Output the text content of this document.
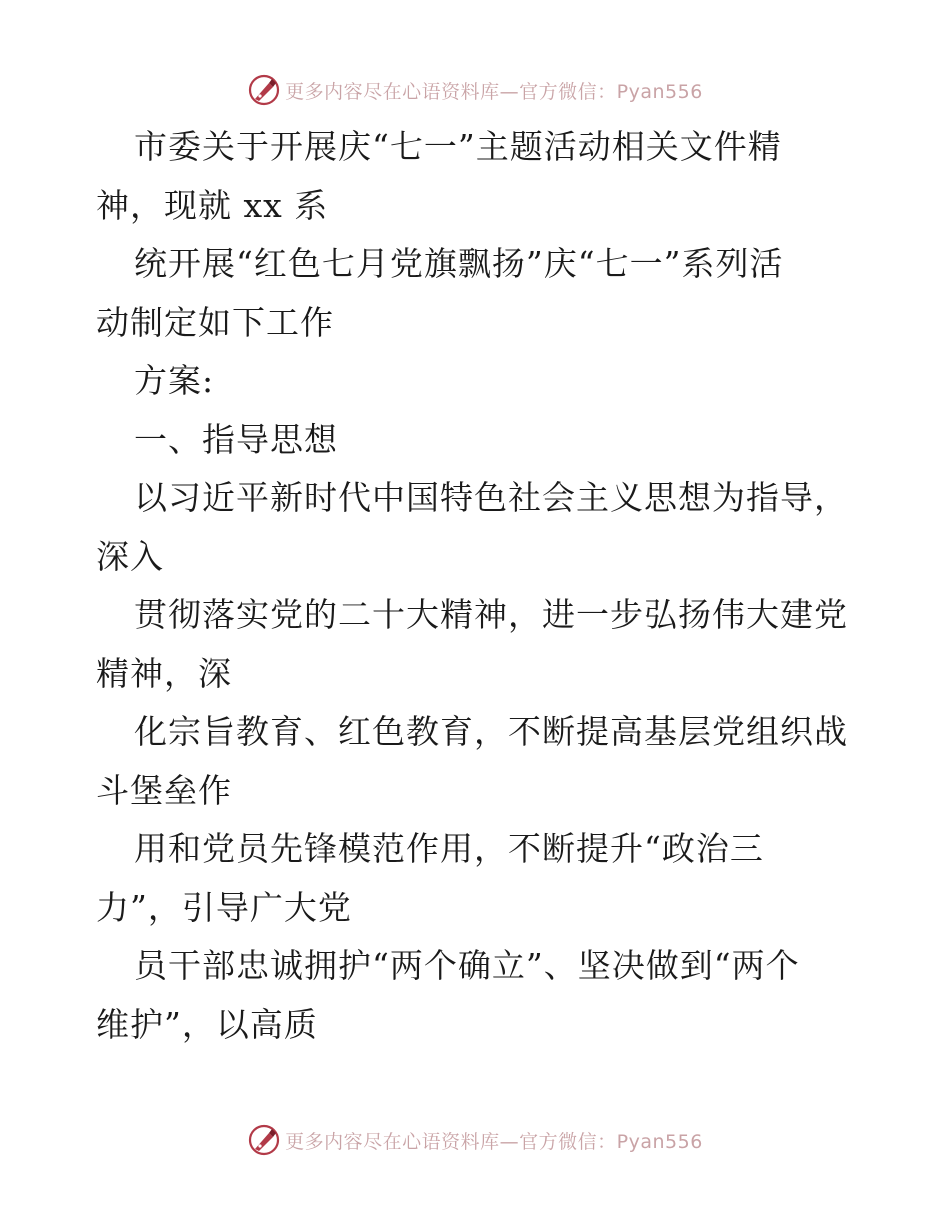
更多内容尽在心语资料库—官方微信：Pyan556
市委关于开展庆“七一”主题活动相关文件精
神，现就 xx 系
统开展“红色七月党旗飘扬”庆“七一”系列活
动制定如下工作
方案:
一、指导思想
以习近平新时代中国特色社会主义思想为指导，
深入
贯彻落实党的二十大精神，进一步弘扬伟大建党
精神，深
化宗旨教育、红色教育，不断提高基层党组织战
斗堡垒作
用和党员先锋模范作用，不断提升“政治三
力”，引导广大党
员干部忠诚拥护“两个确立”、坚决做到“两个
维护”，以高质
更多内容尽在心语资料库—官方微信：Pyan556
